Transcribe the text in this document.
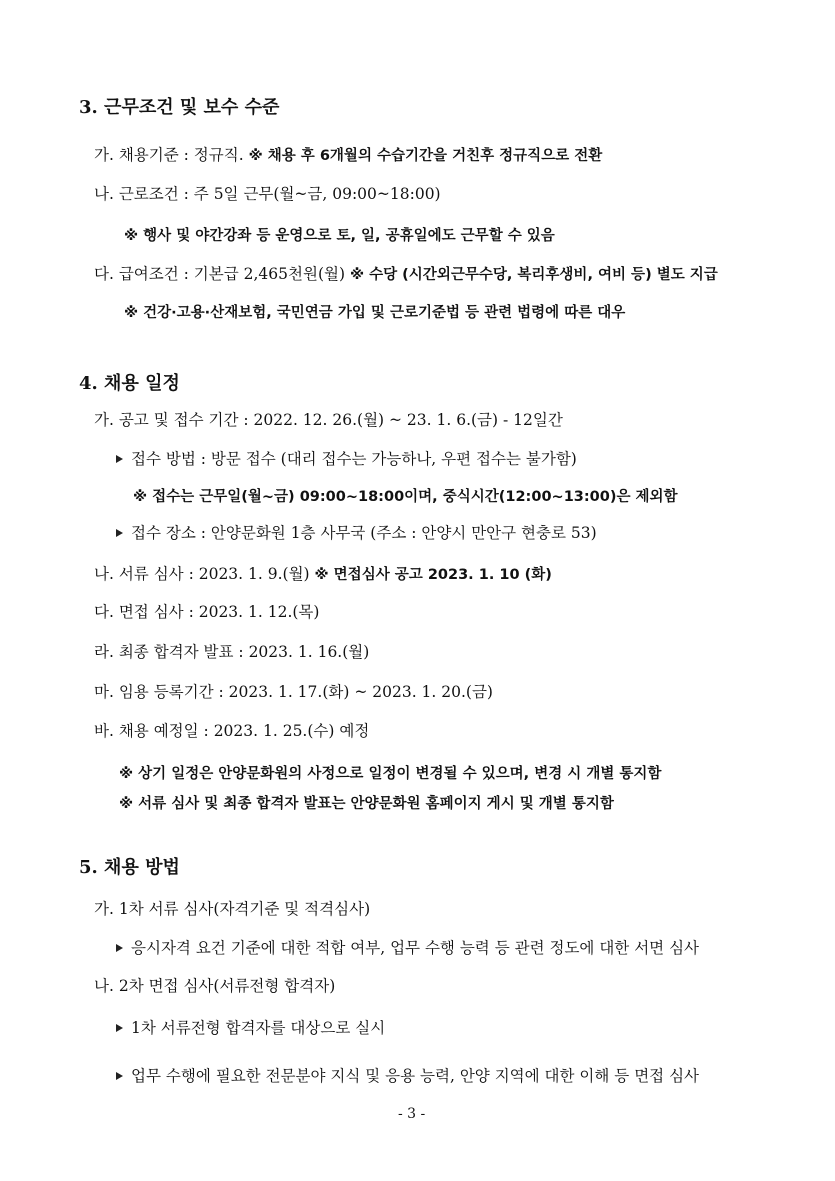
3. 근무조건 및 보수 수준
가. 채용기준 : 정규직. ※ 채용 후 6개월의 수습기간을 거친후 정규직으로 전환
나. 근로조건 : 주 5일 근무(월~금, 09:00~18:00)
※ 행사 및 야간강좌 등 운영으로 토, 일, 공휴일에도 근무할 수 있음
다. 급여조건 : 기본급 2,465천원(월) ※ 수당 (시간외근무수당, 복리후생비, 여비 등) 별도 지급
※ 건강·고용·산재보험, 국민연금 가입 및 근로기준법 등 관련 법령에 따른 대우
4. 채용 일정
가. 공고 및 접수 기간 : 2022. 12. 26.(월) ~ 23. 1. 6.(금) - 12일간
접수 방법 : 방문 접수 (대리 접수는 가능하나, 우편 접수는 불가함)
※ 접수는 근무일(월~금) 09:00~18:00이며, 중식시간(12:00~13:00)은 제외함
접수 장소 : 안양문화원 1층 사무국 (주소 : 안양시 만안구 현충로 53)
나. 서류 심사 : 2023. 1. 9.(월) ※ 면접심사 공고 2023. 1. 10 (화)
다. 면접 심사 : 2023. 1. 12.(목)
라. 최종 합격자 발표 : 2023. 1. 16.(월)
마. 임용 등록기간 : 2023. 1. 17.(화) ~ 2023. 1. 20.(금)
바. 채용 예정일 : 2023. 1. 25.(수) 예정
※ 상기 일정은 안양문화원의 사정으로 일정이 변경될 수 있으며, 변경 시 개별 통지함
※ 서류 심사 및 최종 합격자 발표는 안양문화원 홈페이지 게시 및 개별 통지함
5. 채용 방법
가. 1차 서류 심사(자격기준 및 적격심사)
응시자격 요건 기준에 대한 적합 여부, 업무 수행 능력 등 관련 정도에 대한 서면 심사
나. 2차 면접 심사(서류전형 합격자)
1차 서류전형 합격자를 대상으로 실시
업무 수행에 필요한 전문분야 지식 및 응용 능력, 안양 지역에 대한 이해 등 면접 심사
- 3 -
